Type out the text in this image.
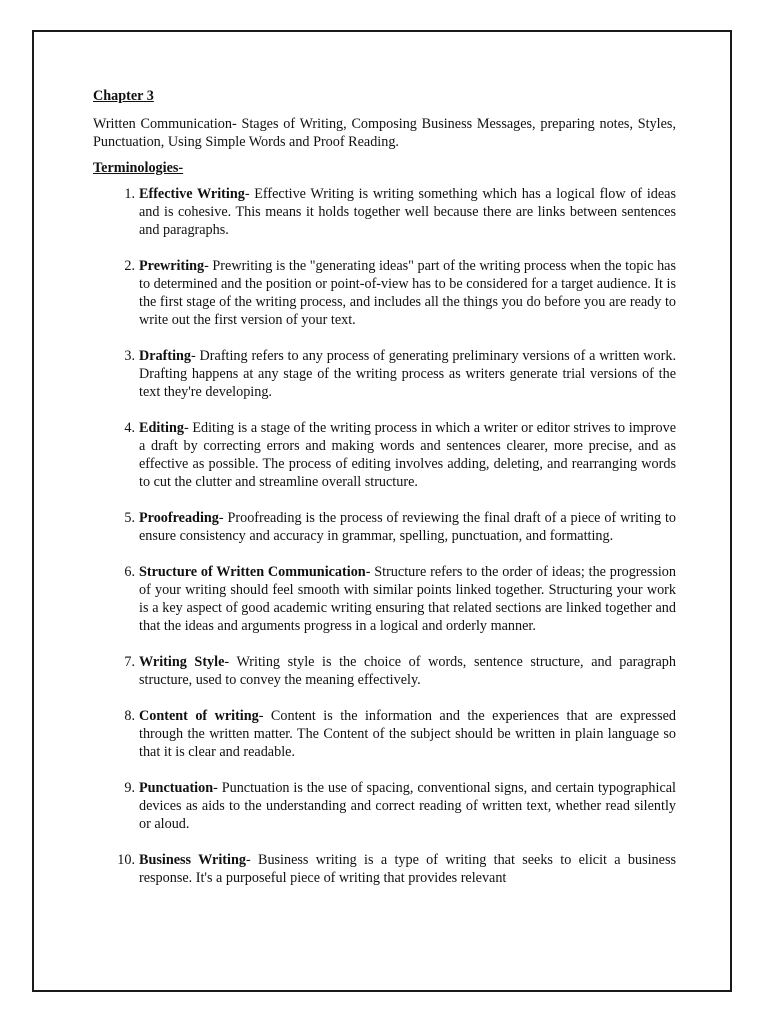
Chapter 3
Written Communication- Stages of Writing, Composing Business Messages, preparing notes, Styles, Punctuation, Using Simple Words and Proof Reading.
Terminologies-
1. Effective Writing- Effective Writing is writing something which has a logical flow of ideas and is cohesive. This means it holds together well because there are links between sentences and paragraphs.
2. Prewriting- Prewriting is the "generating ideas" part of the writing process when the topic has to determined and the position or point-of-view has to be considered for a target audience. It is the first stage of the writing process, and includes all the things you do before you are ready to write out the first version of your text.
3. Drafting- Drafting refers to any process of generating preliminary versions of a written work. Drafting happens at any stage of the writing process as writers generate trial versions of the text they're developing.
4. Editing- Editing is a stage of the writing process in which a writer or editor strives to improve a draft by correcting errors and making words and sentences clearer, more precise, and as effective as possible. The process of editing involves adding, deleting, and rearranging words to cut the clutter and streamline overall structure.
5. Proofreading- Proofreading is the process of reviewing the final draft of a piece of writing to ensure consistency and accuracy in grammar, spelling, punctuation, and formatting.
6. Structure of Written Communication- Structure refers to the order of ideas; the progression of your writing should feel smooth with similar points linked together. Structuring your work is a key aspect of good academic writing ensuring that related sections are linked together and that the ideas and arguments progress in a logical and orderly manner.
7. Writing Style- Writing style is the choice of words, sentence structure, and paragraph structure, used to convey the meaning effectively.
8. Content of writing- Content is the information and the experiences that are expressed through the written matter. The Content of the subject should be written in plain language so that it is clear and readable.
9. Punctuation- Punctuation is the use of spacing, conventional signs, and certain typographical devices as aids to the understanding and correct reading of written text, whether read silently or aloud.
10. Business Writing- Business writing is a type of writing that seeks to elicit a business response. It's a purposeful piece of writing that provides relevant
